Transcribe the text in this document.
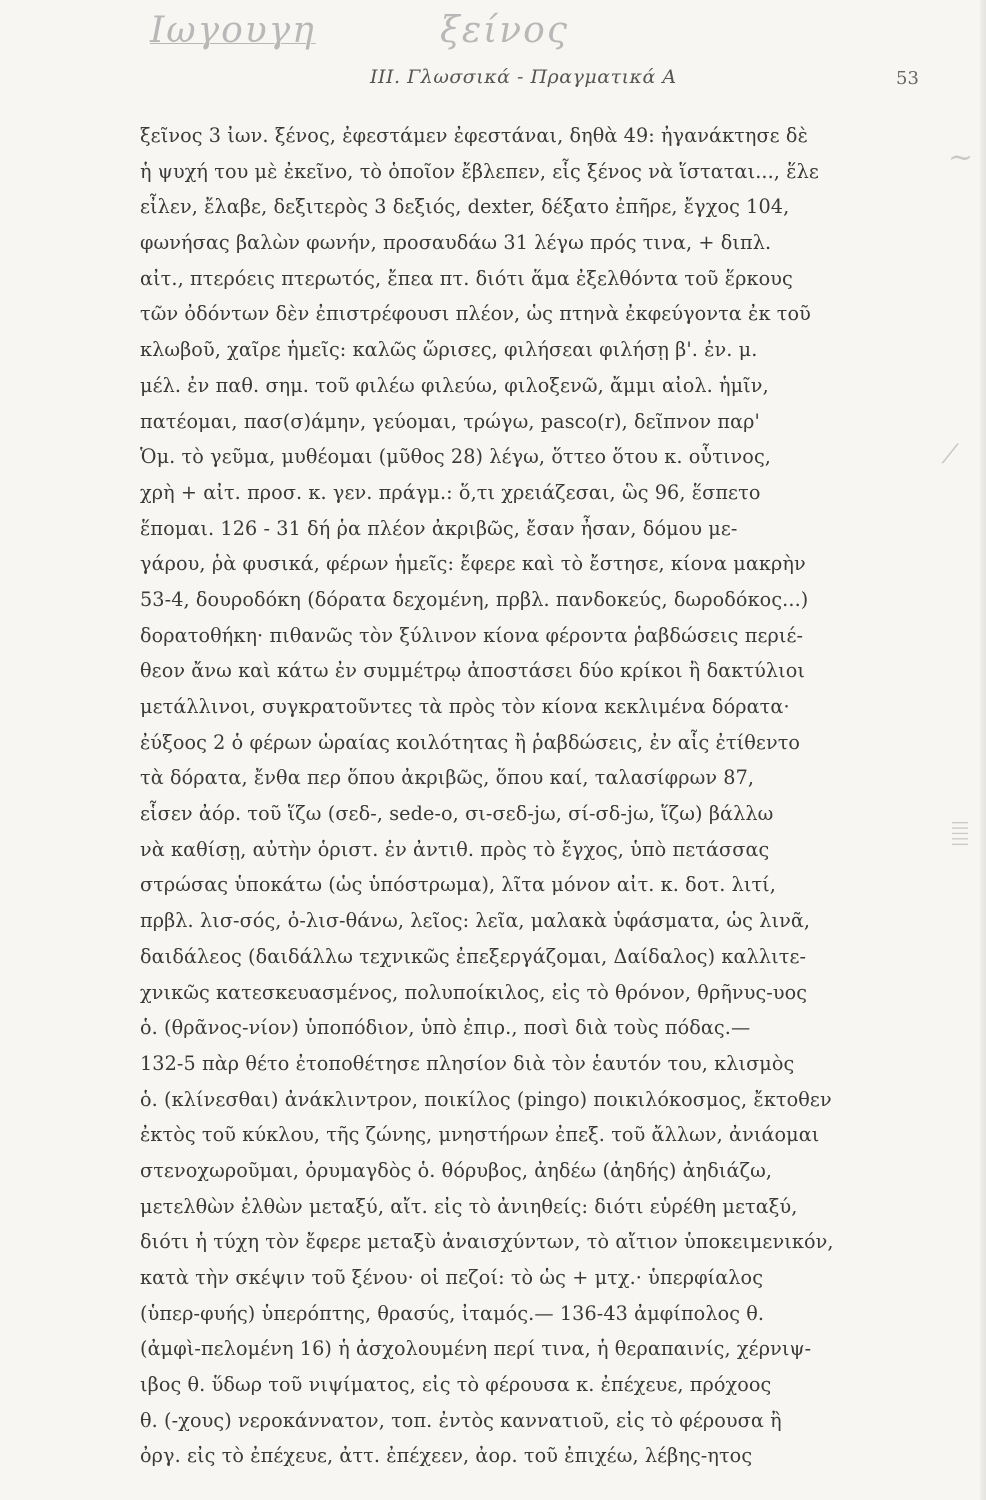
Ιωγουγη	ξείνος
III. Γλωσσικά - Πραγματικά Α	53
ξεῖνος 3 ἰων. ξένος, ἐφεστάμεν ἐφεστάναι, δηθὰ 49: ἠγανάκτησε δὲ
ἡ ψυχή του μὲ ἐκεῖνο, τὸ ὁποῖον ἔβλεπεν, εἷς ξένος νὰ ἵσταται..., ἕλε
εἶλεν, ἔλαβε, δεξιτερὸς 3 δεξιός, dexter, δέξατο ἐπῆρε, ἔγχος 104,
φωνήσας βαλὼν φωνήν, προσαυδάω 31 λέγω πρός τινα, + διπλ.
αἰτ., πτερόεις πτερωτός, ἔπεα πτ. διότι ἅμα ἐξελθόντα τοῦ ἕρκους
τῶν ὀδόντων δὲν ἐπιστρέφουσι πλέον, ὡς πτηνὰ ἐκφεύγοντα ἐκ τοῦ
κλωβοῦ, χαῖρε ἡμεῖς: καλῶς ὥρισες, φιλήσεαι φιλήσῃ β'. ἐν. μ.
μέλ. ἐν παθ. σημ. τοῦ φιλέω φιλεύω, φιλοξενῶ, ἄμμι αἰολ. ἡμῖν,
πατέομαι, πασ(σ)άμην, γεύομαι, τρώγω, pasco(r), δεῖπνον παρ'
Ὁμ. τὸ γεῦμα, μυθέομαι (μῦθος 28) λέγω, ὅττεο ὅτου κ. οὗτινος,
χρὴ + αἰτ. προσ. κ. γεν. πράγμ.: ὅ,τι χρειάζεσαι, ὣς 96, ἕσπετο
ἕπομαι. 126 - 31 δή ῥα πλέον ἀκριβῶς, ἔσαν ἦσαν, δόμου με-
γάρου, ῥὰ φυσικά, φέρων ἡμεῖς: ἔφερε καὶ τὸ ἔστησε, κίονα μακρὴν
53-4, δουροδόκη (δόρατα δεχομένη, πρβλ. πανδοκεύς, δωροδόκος...)
δορατοθήκη· πιθανῶς τὸν ξύλινον κίονα φέροντα ῥαβδώσεις περιέ-
θεον ἄνω καὶ κάτω ἐν συμμέτρῳ ἀποστάσει δύο κρίκοι ἢ δακτύλιοι
μετάλλινοι, συγκρατοῦντες τὰ πρὸς τὸν κίονα κεκλιμένα δόρατα·
ἐύξοος 2 ὁ φέρων ὡραίας κοιλότητας ἢ ῥαβδώσεις, ἐν αἷς ἐτίθεντο
τὰ δόρατα, ἔνθα περ ὅπου ἀκριβῶς, ὅπου καί, ταλασίφρων 87,
εἷσεν ἀόρ. τοῦ ἵζω (σεδ-, sede-o, σι-σεδ-jω, σί-σδ-jω, ἵζω) βάλλω
νὰ καθίσῃ, αὐτὴν ὁριστ. ἐν ἀντιθ. πρὸς τὸ ἔγχος, ὑπὸ πετάσσας
στρώσας ὑποκάτω (ὡς ὑπόστρωμα), λῖτα μόνον αἰτ. κ. δοτ. λιτί,
πρβλ. λισ-σός, ὀ-λισ-θάνω, λεῖος: λεῖα, μαλακὰ ὑφάσματα, ὡς λινᾶ,
δαιδάλεος (δαιδάλλω τεχνικῶς ἐπεξεργάζομαι, Δαίδαλος) καλλιτε-
χνικῶς κατεσκευασμένος, πολυποίκιλος, εἰς τὸ θρόνον, θρῆνυς-υος
ὁ. (θρᾶνος-νίον) ὑποπόδιον, ὑπὸ ἐπιρ., ποσὶ διὰ τοὺς πόδας.—
132-5 πὰρ θέτο ἐτοποθέτησε πλησίον διὰ τὸν ἑαυτόν του, κλισμὸς
ὁ. (κλίνεσθαι) ἀνάκλιντρον, ποικίλος (pingo) ποικιλόκοσμος, ἔκτοθεν
ἐκτὸς τοῦ κύκλου, τῆς ζώνης, μνηστήρων ἐπεξ. τοῦ ἄλλων, ἀνιάομαι
στενοχωροῦμαι, ὀρυμαγδὸς ὁ. θόρυβος, ἀηδέω (ἀηδής) ἀηδιάζω,
μετελθὼν ἐλθὼν μεταξύ, αἴτ. εἰς τὸ ἀνιηθείς: διότι εὑρέθη μεταξύ,
διότι ἡ τύχη τὸν ἔφερε μεταξὺ ἀναισχύντων, τὸ αἴτιον ὑποκειμενικόν,
κατὰ τὴν σκέψιν τοῦ ξένου· οἱ πεζοί: τὸ ὡς + μτχ.· ὑπερφίαλος
(ὑπερ-φυής) ὑπερόπτης, θρασύς, ἰταμός.— 136-43 ἀμφίπολος θ.
(ἀμφὶ-πελομένη 16) ἡ ἀσχολουμένη περί τινα, ἡ θεραπαινίς, χέρνιψ-
ιβος θ. ὕδωρ τοῦ νιψίματος, εἰς τὸ φέρουσα κ. ἐπέχευε, πρόχοος
θ. (-χους) νεροκάννατον, τοπ. ἐντὸς καννατιοῦ, εἰς τὸ φέρουσα ἢ
ὀργ. εἰς τὸ ἐπέχευε, ἀττ. ἐπέχεεν, ἀορ. τοῦ ἐπιχέω, λέβης-ητος
~
⁄
|||||
